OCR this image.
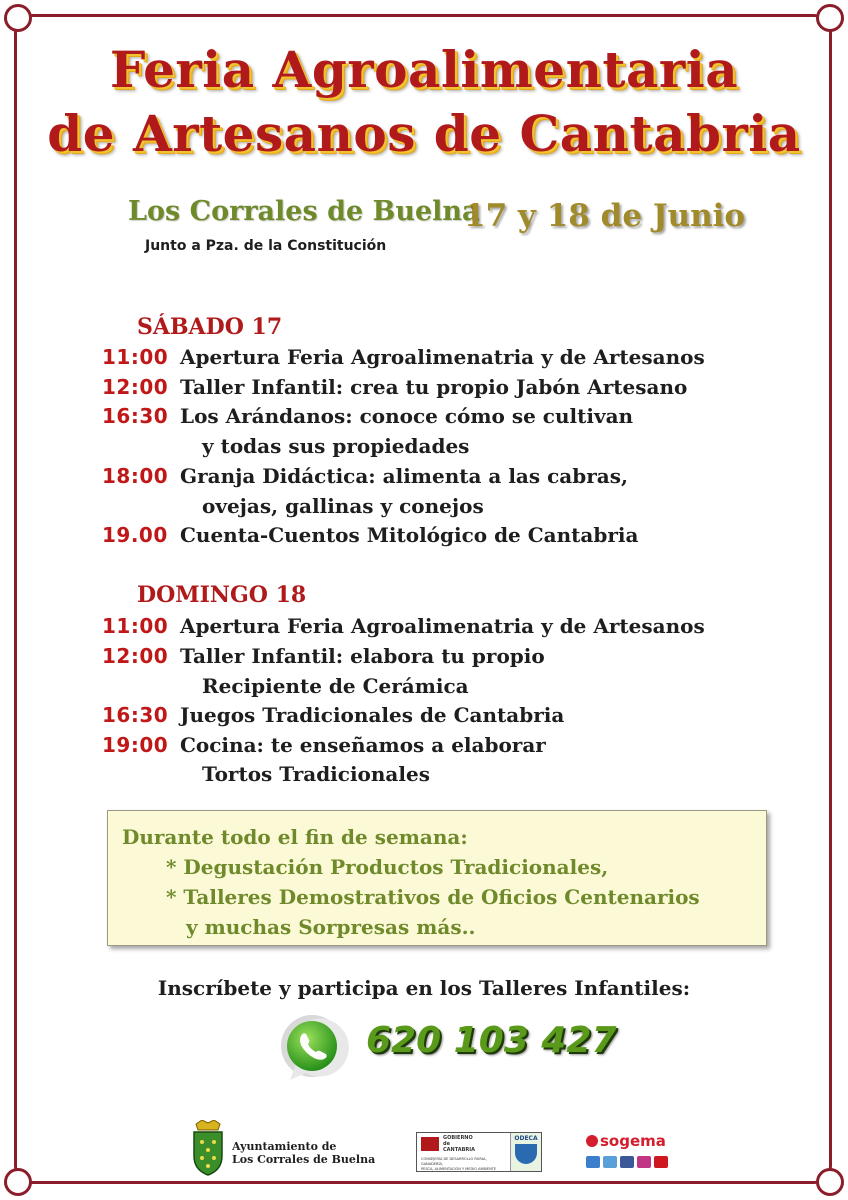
Feria Agroalimentaria
de Artesanos de Cantabria
Los Corrales de Buelna
Junto a Pza. de la Constitución
17 y 18 de Junio
SÁBADO 17
11:00 Apertura Feria Agroalimenatria y de Artesanos
12:00 Taller Infantil: crea tu propio Jabón Artesano
16:30 Los Arándanos: conoce cómo se cultivan
y todas sus propiedades
18:00 Granja Didáctica: alimenta a las cabras,
ovejas, gallinas y conejos
19.00 Cuenta-Cuentos Mitológico de Cantabria
DOMINGO 18
11:00 Apertura Feria Agroalimenatria y de Artesanos
12:00 Taller Infantil: elabora tu propio
Recipiente de Cerámica
16:30 Juegos Tradicionales de Cantabria
19:00 Cocina: te enseñamos a elaborar
Tortos Tradicionales
Durante todo el fin de semana:
* Degustación Productos Tradicionales,
* Talleres Demostrativos de Oficios Centenarios
y muchas Sorpresas más..
Inscríbete y participa en los Talleres Infantiles:
620 103 427
Ayuntamiento de
Los Corrales de Buelna
GOBIERNO
de
CANTABRIA
CONSEJERÍA DE DESARROLLO RURAL, GANADERÍA,
PESCA, ALIMENTACIÓN Y MEDIO AMBIENTE
ODECA	sogema
